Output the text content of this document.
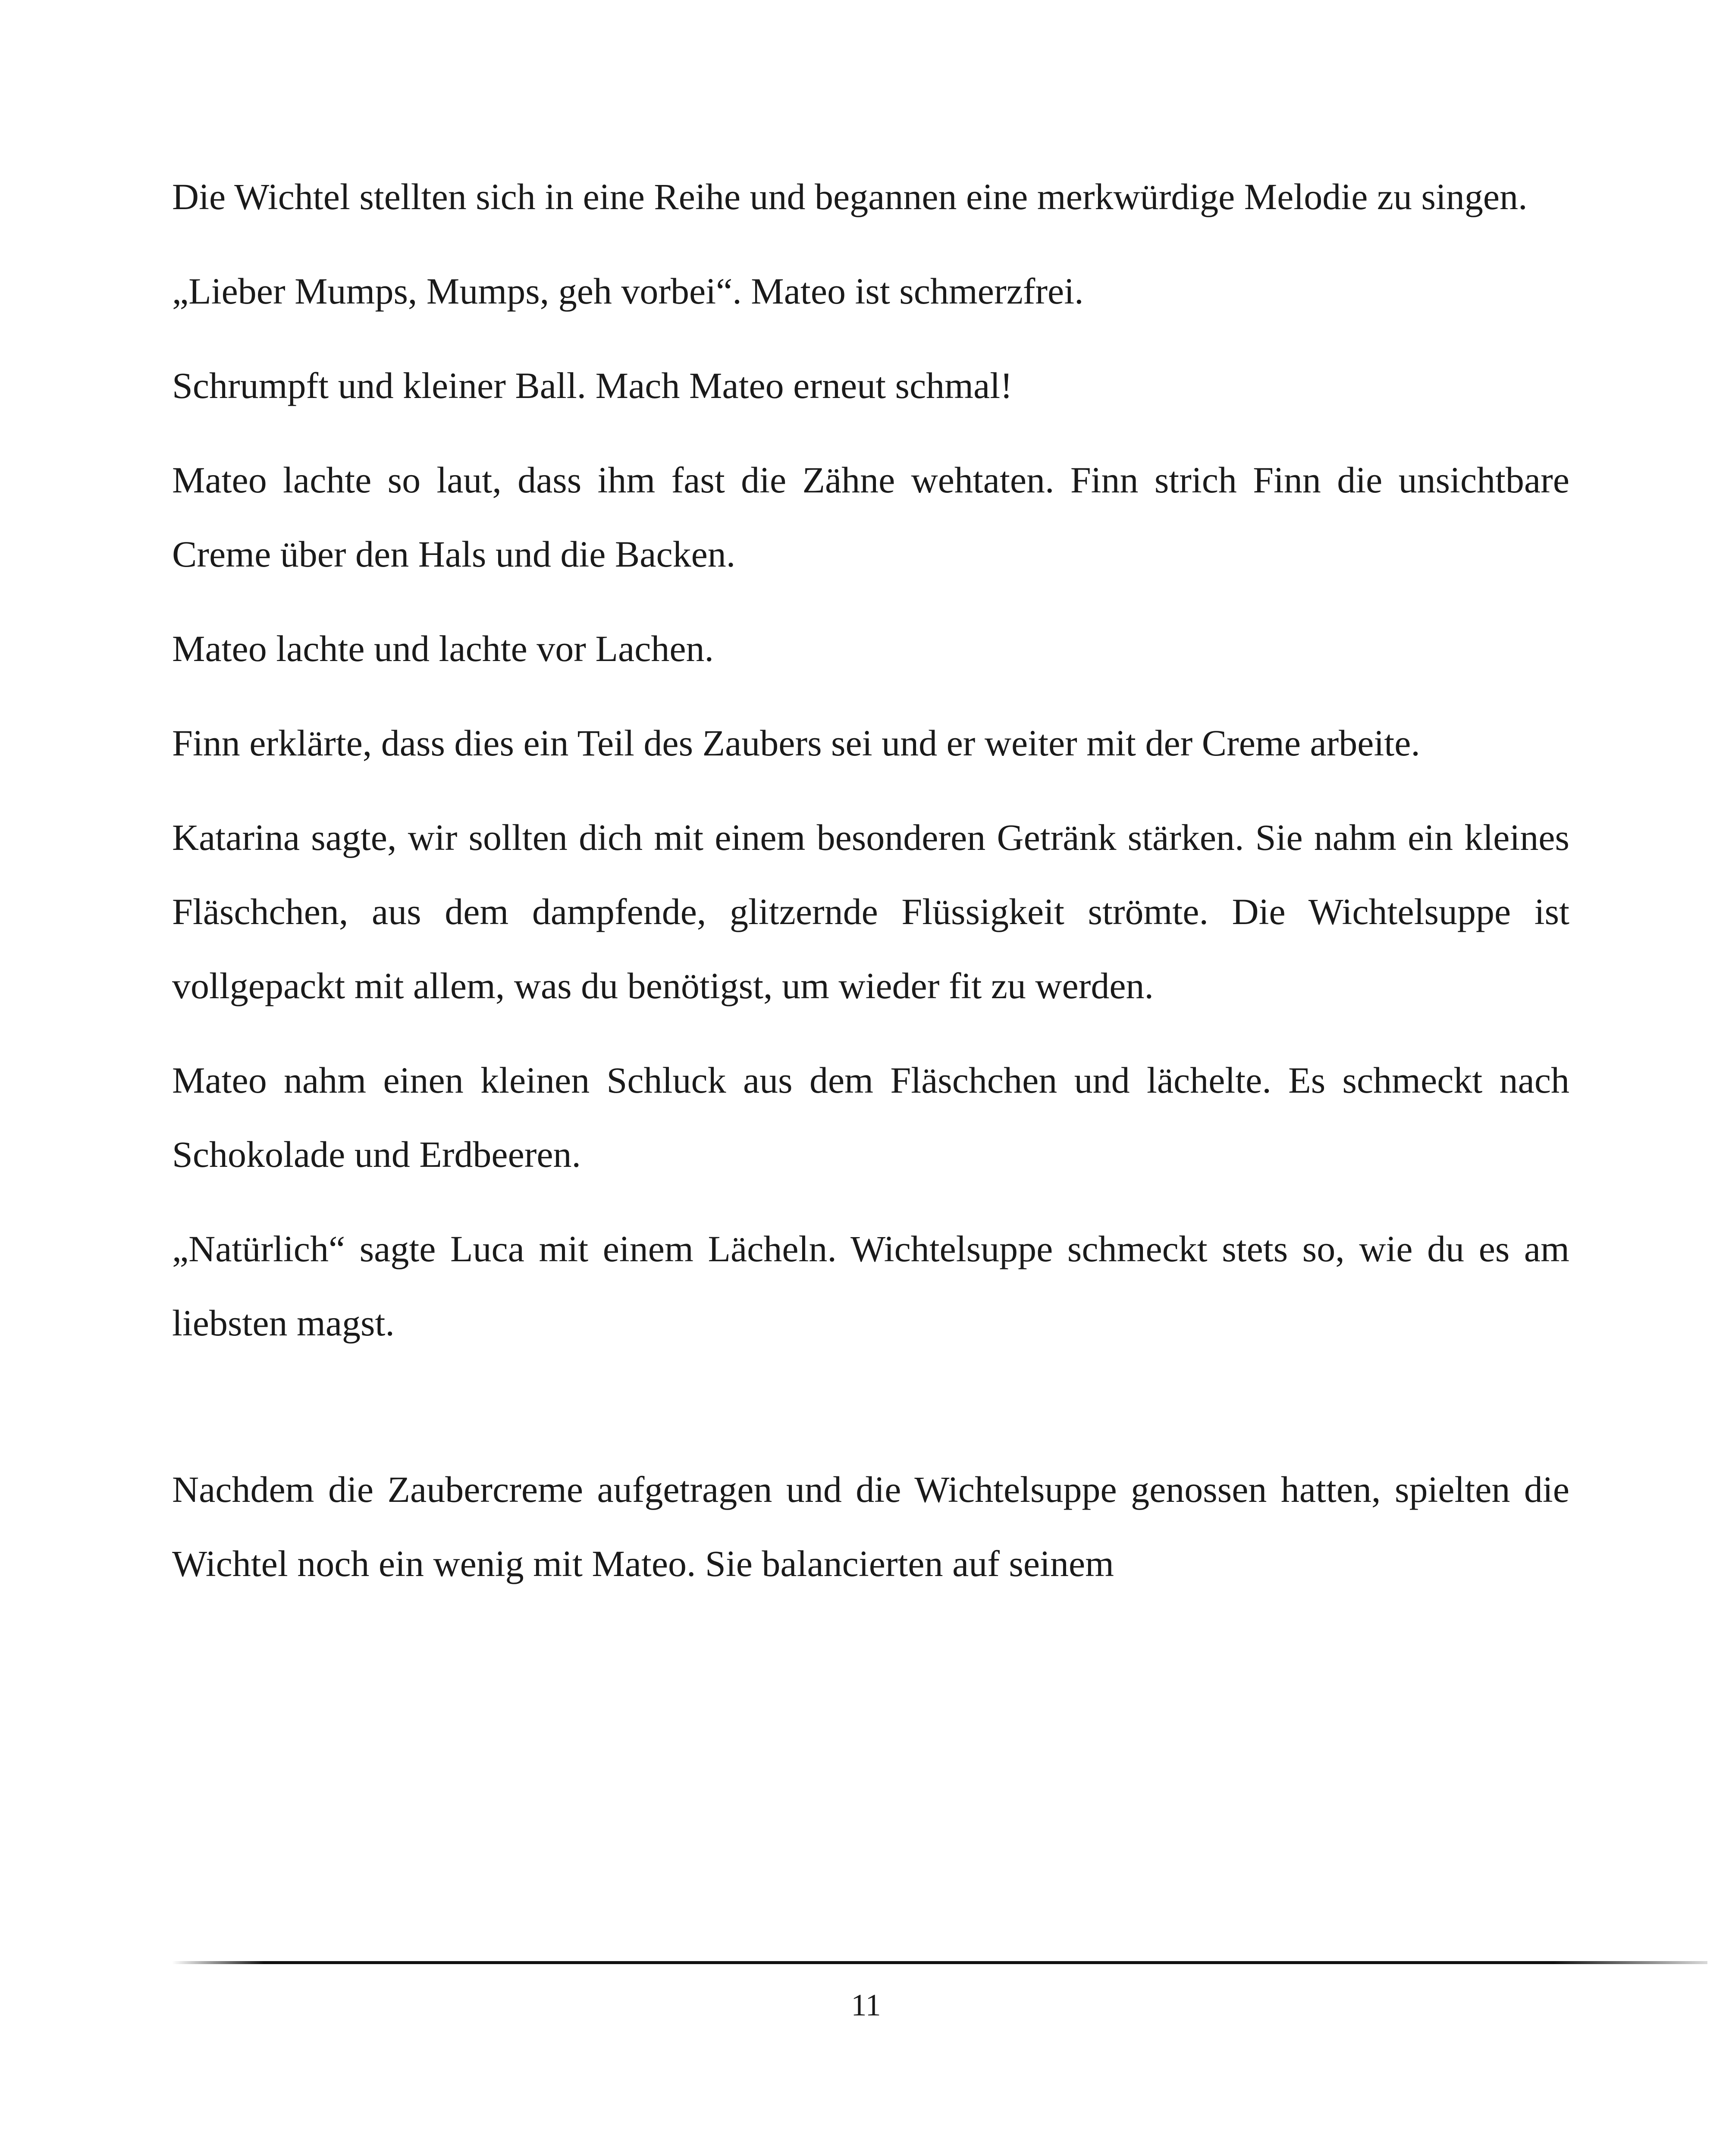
Die Wichtel stellten sich in eine Reihe und begannen eine merkwürdige Melodie zu singen.

„Lieber Mumps, Mumps, geh vorbei“. Mateo ist schmerzfrei.

Schrumpft und kleiner Ball. Mach Mateo erneut schmal!

Mateo lachte so laut, dass ihm fast die Zähne wehtaten. Finn strich Finn die unsichtbare Creme über den Hals und die Backen.

Mateo lachte und lachte vor Lachen.

Finn erklärte, dass dies ein Teil des Zaubers sei und er weiter mit der Creme arbeite.

Katarina sagte, wir sollten dich mit einem besonderen Getränk stärken. Sie nahm ein kleines Fläschchen, aus dem dampfende, glitzernde Flüssigkeit strömte. Die Wichtelsuppe ist vollgepackt mit allem, was du benötigst, um wieder fit zu werden.

Mateo nahm einen kleinen Schluck aus dem Fläschchen und lächelte. Es schmeckt nach Schokolade und Erdbeeren.

„Natürlich“ sagte Luca mit einem Lächeln. Wichtelsuppe schmeckt stets so, wie du es am liebsten magst.

Nachdem die Zaubercreme aufgetragen und die Wichtelsuppe genossen hatten, spielten die Wichtel noch ein wenig mit Mateo. Sie balancierten auf seinem

11
